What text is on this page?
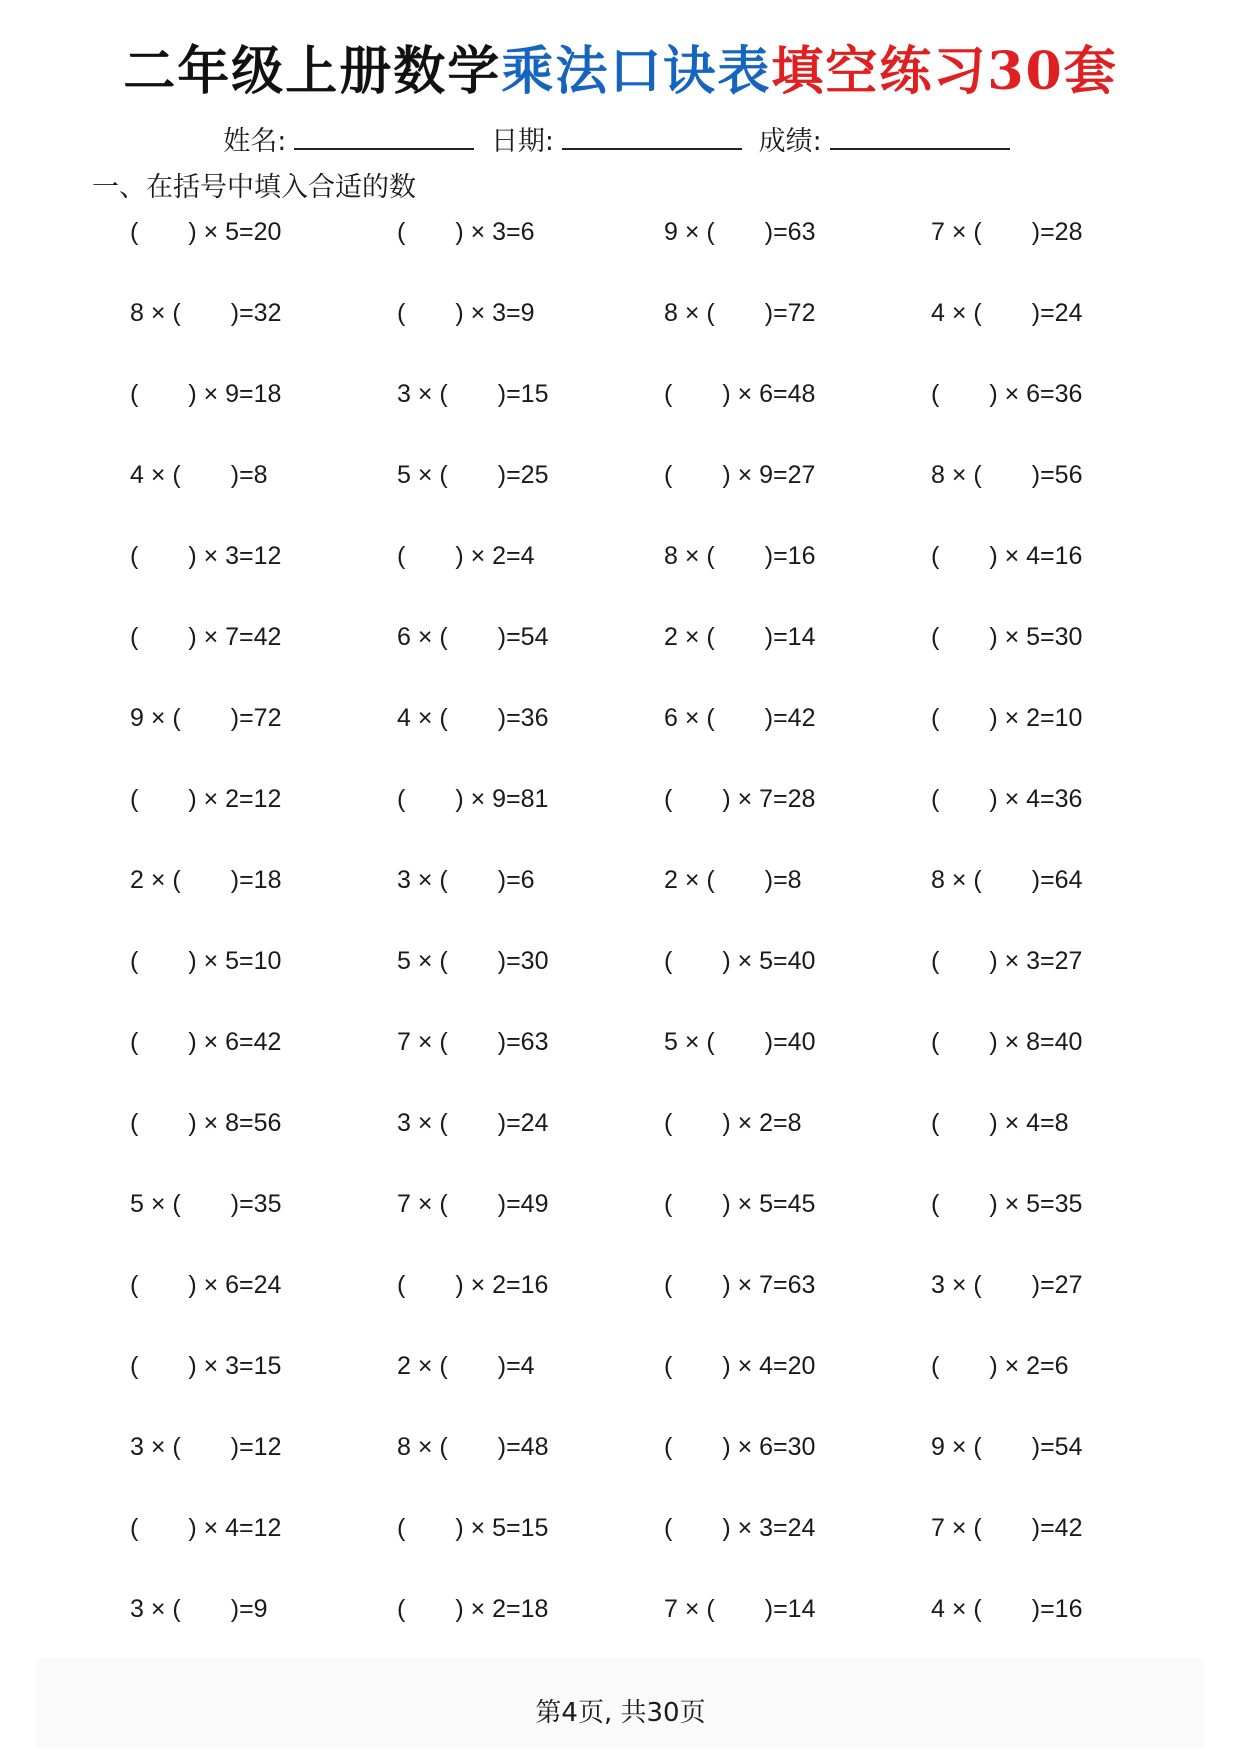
二年级上册数学乘法口诀表填空练习30套
姓名:	日期:	成绩:
一、在括号中填入合适的数
(  ) × 5=20	(  ) × 3=6	9 × (  )=63	7 × (  )=28
8 × (  )=32	(  ) × 3=9	8 × (  )=72	4 × (  )=24
(  ) × 9=18	3 × (  )=15	(  ) × 6=48	(  ) × 6=36
4 × (  )=8	5 × (  )=25	(  ) × 9=27	8 × (  )=56
(  ) × 3=12	(  ) × 2=4	8 × (  )=16	(  ) × 4=16
(  ) × 7=42	6 × (  )=54	2 × (  )=14	(  ) × 5=30
9 × (  )=72	4 × (  )=36	6 × (  )=42	(  ) × 2=10
(  ) × 2=12	(  ) × 9=81	(  ) × 7=28	(  ) × 4=36
2 × (  )=18	3 × (  )=6	2 × (  )=8	8 × (  )=64
(  ) × 5=10	5 × (  )=30	(  ) × 5=40	(  ) × 3=27
(  ) × 6=42	7 × (  )=63	5 × (  )=40	(  ) × 8=40
(  ) × 8=56	3 × (  )=24	(  ) × 2=8	(  ) × 4=8
5 × (  )=35	7 × (  )=49	(  ) × 5=45	(  ) × 5=35
(  ) × 6=24	(  ) × 2=16	(  ) × 7=63	3 × (  )=27
(  ) × 3=15	2 × (  )=4	(  ) × 4=20	(  ) × 2=6
3 × (  )=12	8 × (  )=48	(  ) × 6=30	9 × (  )=54
(  ) × 4=12	(  ) × 5=15	(  ) × 3=24	7 × (  )=42
3 × (  )=9	(  ) × 2=18	7 × (  )=14	4 × (  )=16
第4页, 共30页
